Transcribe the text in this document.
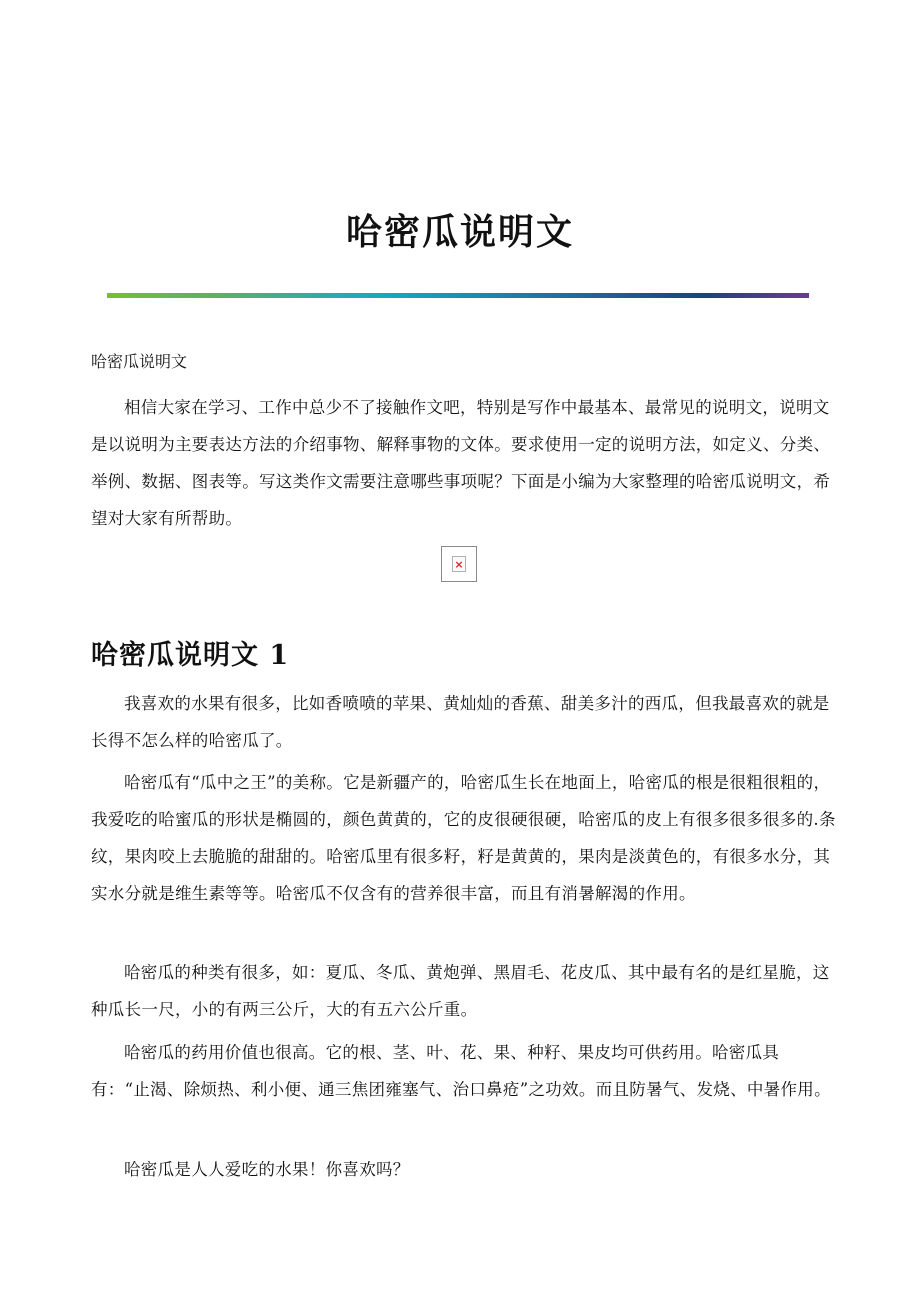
哈密瓜说明文
哈密瓜说明文

相信大家在学习、工作中总少不了接触作文吧，特别是写作中最基本、最常见的说明文，说明文是以说明为主要表达方法的介绍事物、解释事物的文体。要求使用一定的说明方法，如定义、分类、举例、数据、图表等。写这类作文需要注意哪些事项呢？下面是小编为大家整理的哈密瓜说明文，希望对大家有所帮助。

×
哈密瓜说明文 1

我喜欢的水果有很多，比如香喷喷的苹果、黄灿灿的香蕉、甜美多汁的西瓜，但我最喜欢的就是长得不怎么样的哈密瓜了。

哈密瓜有“瓜中之王”的美称。它是新疆产的，哈密瓜生长在地面上，哈密瓜的根是很粗很粗的，我爱吃的哈蜜瓜的形状是椭圆的，颜色黄黄的，它的皮很硬很硬，哈密瓜的皮上有很多很多很多的.条纹，果肉咬上去脆脆的甜甜的。哈密瓜里有很多籽，籽是黄黄的，果肉是淡黄色的，有很多水分，其实水分就是维生素等等。哈密瓜不仅含有的营养很丰富，而且有消暑解渴的作用。

哈密瓜的种类有很多，如：夏瓜、冬瓜、黄炮弹、黑眉毛、花皮瓜、其中最有名的是红星脆，这种瓜长一尺，小的有两三公斤，大的有五六公斤重。

哈密瓜的药用价值也很高。它的根、茎、叶、花、果、种籽、果皮均可供药用。哈密瓜具有：“止渴、除烦热、利小便、通三焦团雍塞气、治口鼻疮”之功效。而且防暑气、发烧、中暑作用。

哈密瓜是人人爱吃的水果！你喜欢吗？
